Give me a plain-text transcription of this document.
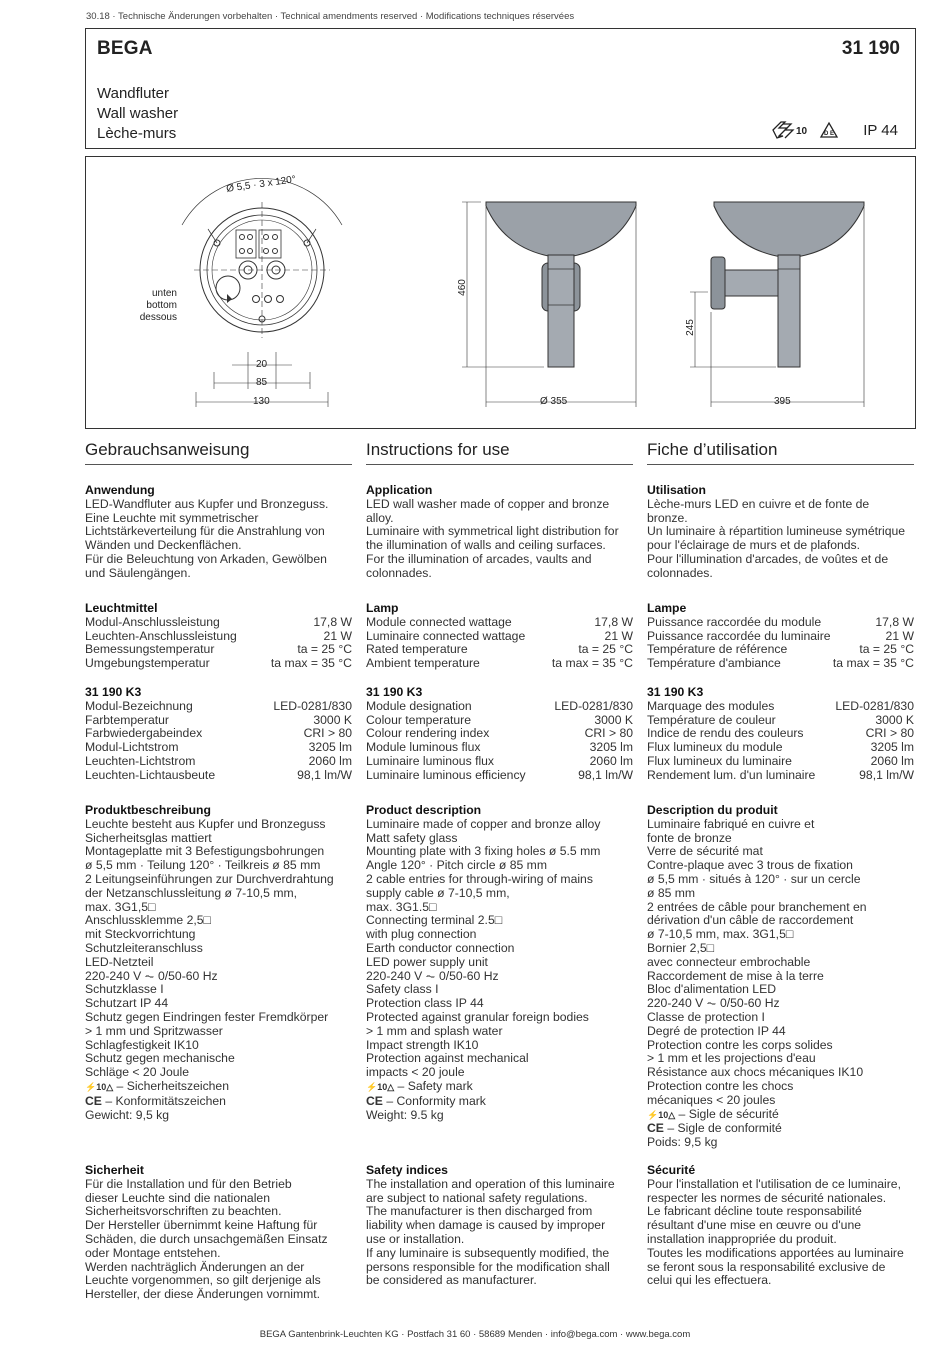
30.18 · Technische Änderungen vorbehalten · Technical amendments reserved · Modifications techniques réservées
BEGA	31 190
Wandfluter
Wall washer
Lèche-murs	10	D E IP 44
Ø 5,5 · 3 x 120°
unten
bottom
dessous
20
85
130
460
Ø 355
245
395
Gebrauchsanweisung
Anwendung
LED-Wandfluter aus Kupfer und Bronzeguss.
Eine Leuchte mit symmetrischer
Lichtstärkeverteilung für die Anstrahlung von
Wänden und Deckenflächen.
Für die Beleuchtung von Arkaden, Gewölben
und Säulengängen.
Leuchtmittel
Modul-Anschlussleistung	17,8 W
Leuchten-Anschlussleistung	21 W
Bemessungstemperatur	ta = 25 °C
Umgebungstemperatur	ta max = 35 °C
31 190 K3
Modul-Bezeichnung	LED-0281/830
Farbtemperatur	3000 K
Farbwiedergabeindex	CRI > 80
Modul-Lichtstrom	3205 lm
Leuchten-Lichtstrom	2060 lm
Leuchten-Lichtausbeute	98,1 lm/W
Produktbeschreibung
Leuchte besteht aus Kupfer und Bronzeguss
Sicherheitsglas mattiert
Montageplatte mit 3 Befestigungsbohrungen
ø 5,5 mm · Teilung 120° · Teilkreis ø 85 mm
2 Leitungseinführungen zur Durchverdrahtung
der Netzanschlussleitung ø 7-10,5 mm,
max. 3G1,5□
Anschlussklemme 2,5□
mit Steckvorrichtung
Schutzleiteranschluss
LED-Netzteil
220-240 V ⏦ 0/50-60 Hz
Schutzklasse I
Schutzart IP 44
Schutz gegen Eindringen fester Fremdkörper
> 1 mm und Spritzwasser
Schlagfestigkeit IK10
Schutz gegen mechanische
Schläge < 20 Joule
⚡10△ – Sicherheitszeichen
CE – Konformitätszeichen
Gewicht: 9,5 kg
Sicherheit
Für die Installation und für den Betrieb
dieser Leuchte sind die nationalen
Sicherheitsvorschriften zu beachten.
Der Hersteller übernimmt keine Haftung für
Schäden, die durch unsachgemäßen Einsatz
oder Montage entstehen.
Werden nachträglich Änderungen an der
Leuchte vorgenommen, so gilt derjenige als
Hersteller, der diese Änderungen vornimmt.
Instructions for use
Application
LED wall washer made of copper and bronze
alloy.
Luminaire with symmetrical light distribution for
the illumination of walls and ceiling surfaces.
For the illumination of arcades, vaults and
colonnades.
Lamp
Module connected wattage	17,8 W
Luminaire connected wattage	21 W
Rated temperature	ta = 25 °C
Ambient temperature	ta max = 35 °C
31 190 K3
Module designation	LED-0281/830
Colour temperature	3000 K
Colour rendering index	CRI > 80
Module luminous flux	3205 lm
Luminaire luminous flux	2060 lm
Luminaire luminous efficiency	98,1 lm/W
Product description
Luminaire made of copper and bronze alloy
Matt safety glass
Mounting plate with 3 fixing holes ø 5.5 mm
Angle 120° · Pitch circle ø 85 mm
2 cable entries for through-wiring of mains
supply cable ø 7-10,5 mm,
max. 3G1.5□
Connecting terminal 2.5□
with plug connection
Earth conductor connection
LED power supply unit
220-240 V ⏦ 0/50-60 Hz
Safety class I
Protection class IP 44
Protected against granular foreign bodies
> 1 mm and splash water
Impact strength IK10
Protection against mechanical
impacts < 20 joule
⚡10△ – Safety mark
CE – Conformity mark
Weight: 9.5 kg
Safety indices
The installation and operation of this luminaire
are subject to national safety regulations.
The manufacturer is then discharged from
liability when damage is caused by improper
use or installation.
If any luminaire is subsequently modified, the
persons responsible for the modification shall
be considered as manufacturer.
Fiche d’utilisation
Utilisation
Lèche-murs LED en cuivre et de fonte de
bronze.
Un luminaire à répartition lumineuse symétrique
pour l'éclairage de murs et de plafonds.
Pour l'illumination d'arcades, de voûtes et de
colonnades.
Lampe
Puissance raccordée du module	17,8 W
Puissance raccordée du luminaire	21 W
Température de référence	ta = 25 °C
Température d'ambiance	ta max = 35 °C
31 190 K3
Marquage des modules	LED-0281/830
Température de couleur	3000 K
Indice de rendu des couleurs	CRI > 80
Flux lumineux du module	3205 lm
Flux lumineux du luminaire	2060 lm
Rendement lum. d'un luminaire	98,1 lm/W
Description du produit
Luminaire fabriqué en cuivre et
fonte de bronze
Verre de sécurité mat
Contre-plaque avec 3 trous de fixation
ø 5,5 mm · situés à 120° · sur un cercle
ø 85 mm
2 entrées de câble pour branchement en
dérivation d'un câble de raccordement
ø 7-10,5 mm, max. 3G1,5□
Bornier 2,5□
avec connecteur embrochable
Raccordement de mise à la terre
Bloc d'alimentation LED
220-240 V ⏦ 0/50-60 Hz
Classe de protection I
Degré de protection IP 44
Protection contre les corps solides
> 1 mm et les projections d'eau
Résistance aux chocs mécaniques IK10
Protection contre les chocs
mécaniques < 20 joules
⚡10△ – Sigle de sécurité
CE – Sigle de conformité
Poids: 9,5 kg
Sécurité
Pour l'installation et l'utilisation de ce luminaire,
respecter les normes de sécurité nationales.
Le fabricant décline toute responsabilité
résultant d'une mise en œuvre ou d'une
installation inappropriée du produit.
Toutes les modifications apportées au luminaire
se feront sous la responsabilité exclusive de
celui qui les effectuera.
BEGA Gantenbrink-Leuchten KG · Postfach 31 60 · 58689 Menden · info@bega.com · www.bega.com
